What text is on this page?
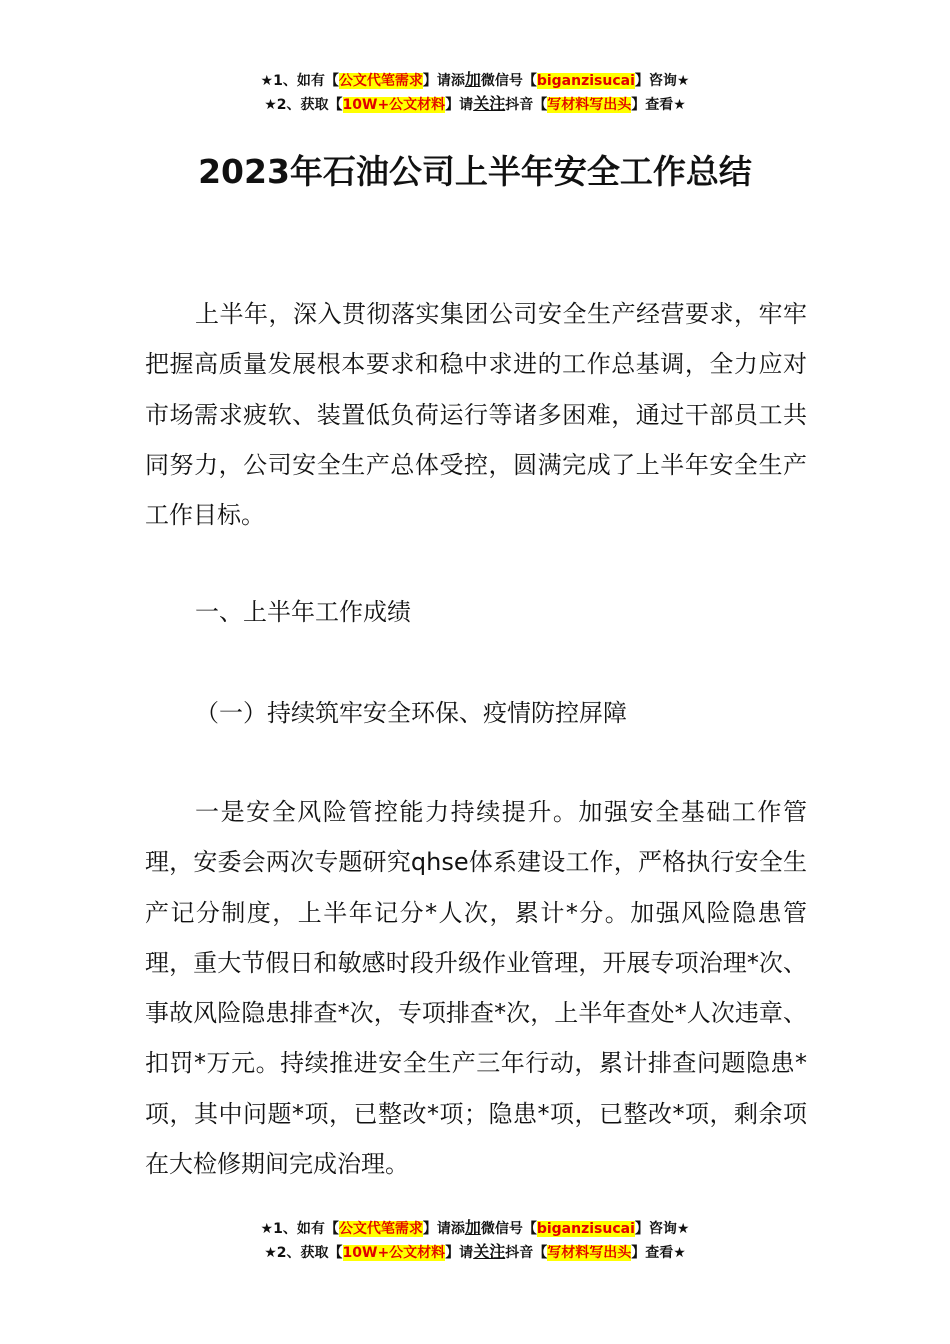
★1、如有【公文代笔需求】请添加微信号【biganzisucai】咨询★
★2、获取【10W+公文材料】请关注抖音【写材料写出头】查看★
2023年石油公司上半年安全工作总结

上半年，深入贯彻落实集团公司安全生产经营要求，牢牢把握高质量发展根本要求和稳中求进的工作总基调，全力应对市场需求疲软、装置低负荷运行等诸多困难，通过干部员工共同努力，公司安全生产总体受控，圆满完成了上半年安全生产工作目标。

一、上半年工作成绩

（一）持续筑牢安全环保、疫情防控屏障

一是安全风险管控能力持续提升。加强安全基础工作管理，安委会两次专题研究qhse体系建设工作，严格执行安全生产记分制度，上半年记分*人次，累计*分。加强风险隐患管理，重大节假日和敏感时段升级作业管理，开展专项治理*次、事故风险隐患排查*次，专项排查*次，上半年查处*人次违章、扣罚*万元。持续推进安全生产三年行动，累计排查问题隐患*项，其中问题*项，已整改*项；隐患*项，已整改*项，剩余项在大检修期间完成治理。

★1、如有【公文代笔需求】请添加微信号【biganzisucai】咨询★
★2、获取【10W+公文材料】请关注抖音【写材料写出头】查看★
